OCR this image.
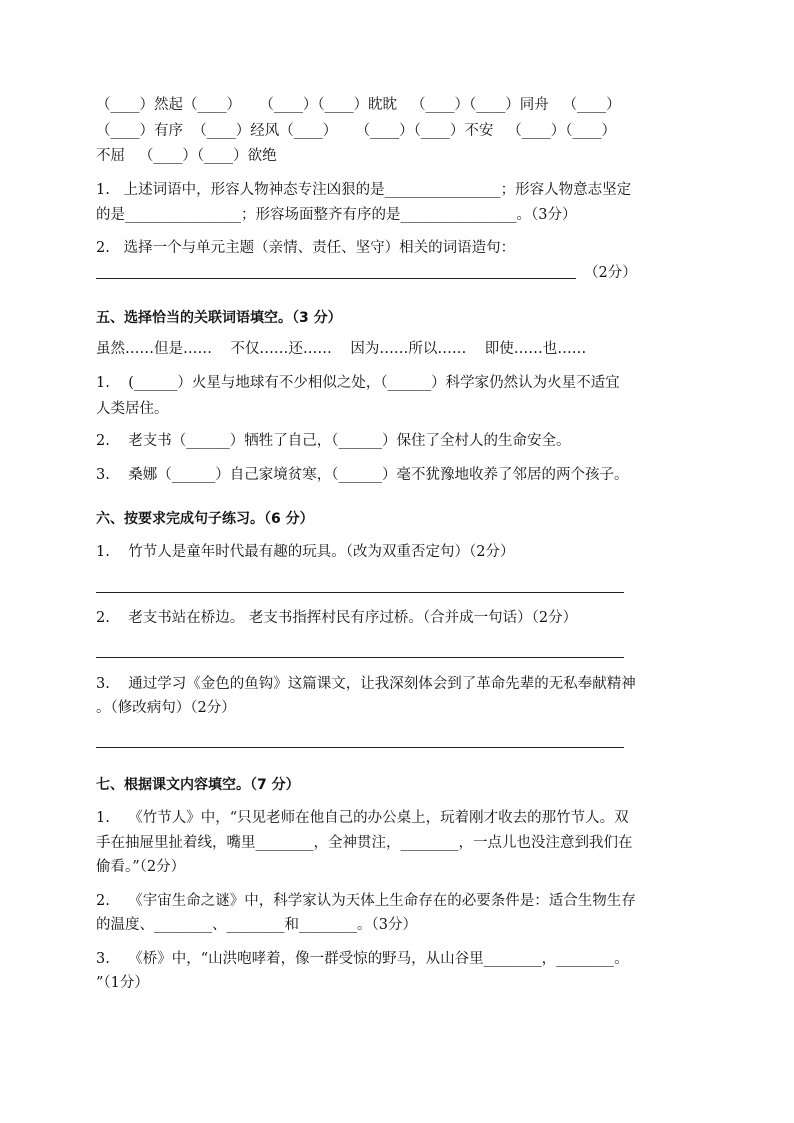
（____）然起（____）    （____）（____）眈眈   （____）（____）同舟   （____）
（____）有序  （____）经风（____）    （____）（____）不安   （____）（____）
不屈   （____）（____）欲绝
1.   上述词语中，形容人物神态专注凶狠的是________________；形容人物意志坚定
的是________________；形容场面整齐有序的是________________。（3分）
2.   选择一个与单元主题（亲情、责任、坚守）相关的词语造句：
（2分）
五、选择恰当的关联词语填空。（3 分）
虽然……但是……    不仅……还……    因为……所以……    即使……也……
1.    (______）火星与地球有不少相似之处，（______）科学家仍然认为火星不适宜
人类居住。
2.    老支书（______）牺牲了自己，（______）保住了全村人的生命安全。
3.    桑娜（______）自己家境贫寒，（______）毫不犹豫地收养了邻居的两个孩子。
六、按要求完成句子练习。（6 分）
1.    竹节人是童年时代最有趣的玩具。（改为双重否定句）（2分）
2.    老支书站在桥边。 老支书指挥村民有序过桥。（合并成一句话）（2分）
3.    通过学习《金色的鱼钩》这篇课文，让我深刻体会到了革命先辈的无私奉献精神
。（修改病句）（2分）
七、根据课文内容填空。（7 分）
1.    《竹节人》中，“只见老师在他自己的办公桌上，玩着刚才收去的那竹节人。双
手在抽屉里扯着线，嘴里________，全神贯注，________，一点儿也没注意到我们在
偷看。”（2分）
2.    《宇宙生命之谜》中，科学家认为天体上生命存在的必要条件是：适合生物生存
的温度、________、________和________。（3分）
3.    《桥》中，“山洪咆哮着，像一群受惊的野马，从山谷里________，________。
”（1分）
